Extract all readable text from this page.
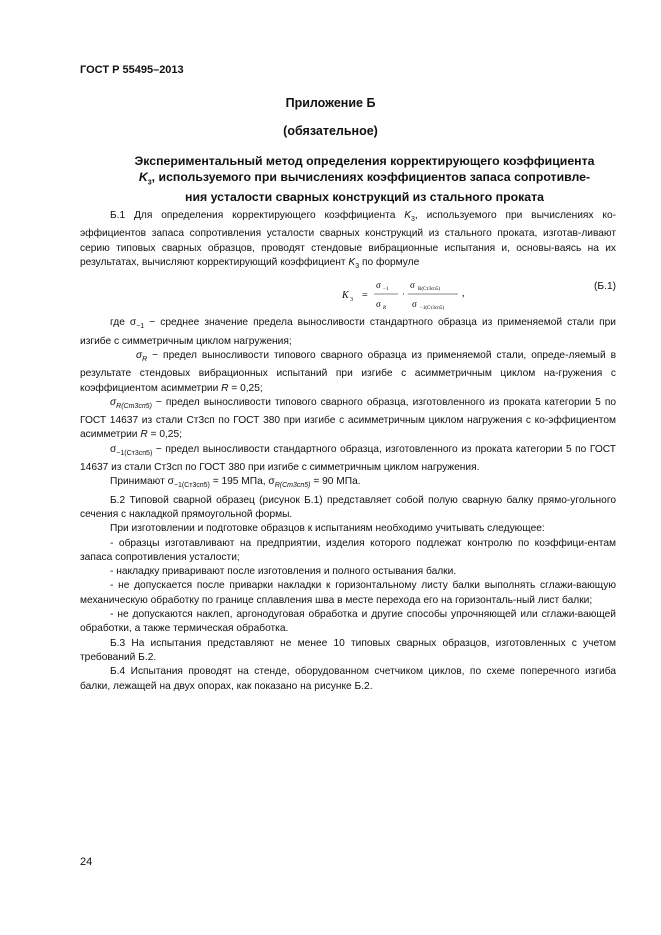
ГОСТ Р 55495–2013
Приложение Б
(обязательное)
Экспериментальный метод определения корректирующего коэффициента
$K_3$, используемого при вычислениях коэффициентов запаса сопротивле-
ния усталости сварных конструкций из стального проката

Б.1 Для определения корректирующего коэффициента $K_3$, используемого при вычислениях ко-эффициентов запаса сопротивления усталости сварных конструкций из стального проката, изготав-ливают серию типовых сварных образцов, проводят стендовые вибрационные испытания и, основы-ваясь на их результатах, вычисляют корректирующий коэффициент $K_3$ по формуле

K 3 =
σ −1
σ R
·
σ R(Ст3сп5)
σ −1(Ст3сп5)
,
(Б.1)

где $\sigma_{-1}$ − среднее значение предела выносливости стандартного образца из применяемой стали при изгибе с симметричным циклом нагружения;

$\sigma_R$ − предел выносливости типового сварного образца из применяемой стали, опреде-ляемый в результате стендовых вибрационных испытаний при изгибе с асимметричным циклом на-гружения с коэффициентом асимметрии R = 0,25;

$\sigma_{R(Ст3сп5)}$ − предел выносливости типового сварного образца, изготовленного из проката категории 5 по ГОСТ 14637 из стали Ст3сп по ГОСТ 380 при изгибе с асимметричным циклом нагружения с ко-эффициентом асимметрии R = 0,25;

$\sigma_{-1(Ст3сп5)}$ − предел выносливости стандартного образца, изготовленного из проката категории 5 по ГОСТ 14637 из стали Ст3сп по ГОСТ 380 при изгибе с симметричным циклом нагружения.

Принимают $\sigma_{-1(Ст3сп5)} = 195$ МПа, $\sigma_{R(Ст3сп5)} = 90$ МПа.

Б.2 Типовой сварной образец (рисунок Б.1) представляет собой полую сварную балку прямо-угольного сечения с накладкой прямоугольной формы.

При изготовлении и подготовке образцов к испытаниям необходимо учитывать следующее:

- образцы изготавливают на предприятии, изделия которого подлежат контролю по коэффици-ентам запаса сопротивления усталости;

- накладку приваривают после изготовления и полного остывания балки.

- не допускается после приварки накладки к горизонтальному листу балки выполнять сглажи-вающую механическую обработку по границе сплавления шва в месте перехода его на горизонталь-ный лист балки;

- не допускаются наклеп, аргонодуговая обработка и другие способы упрочняющей или сглажи-вающей обработки, а также термическая обработка.

Б.3 На испытания представляют не менее 10 типовых сварных образцов, изготовленных с учетом требований Б.2.

Б.4 Испытания проводят на стенде, оборудованном счетчиком циклов, по схеме поперечного изгиба балки, лежащей на двух опорах, как показано на рисунке Б.2.

24
